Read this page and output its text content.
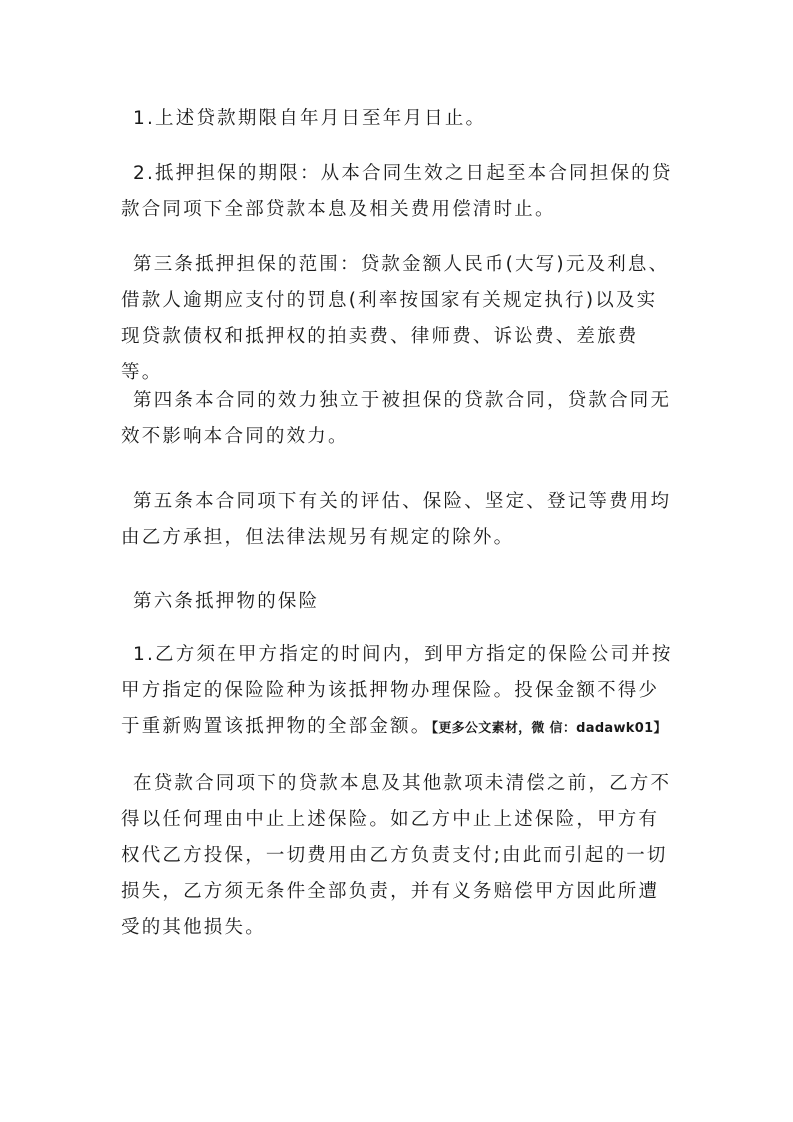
1.上述贷款期限自年月日至年月日止。

2.抵押担保的期限：从本合同生效之日起至本合同担保的贷款合同项下全部贷款本息及相关费用偿清时止。

第三条抵押担保的范围：贷款金额人民币(大写)元及利息、借款人逾期应支付的罚息(利率按国家有关规定执行)以及实现贷款债权和抵押权的拍卖费、律师费、诉讼费、差旅费等。

第四条本合同的效力独立于被担保的贷款合同，贷款合同无效不影响本合同的效力。

第五条本合同项下有关的评估、保险、坚定、登记等费用均由乙方承担，但法律法规另有规定的除外。

第六条抵押物的保险

1.乙方须在甲方指定的时间内，到甲方指定的保险公司并按甲方指定的保险险种为该抵押物办理保险。投保金额不得少于重新购置该抵押物的全部金额。【更多公文素材，微 信：dadawk01】

在贷款合同项下的贷款本息及其他款项未清偿之前，乙方不得以任何理由中止上述保险。如乙方中止上述保险，甲方有权代乙方投保，一切费用由乙方负责支付;由此而引起的一切损失，乙方须无条件全部负责，并有义务赔偿甲方因此所遭受的其他损失。
